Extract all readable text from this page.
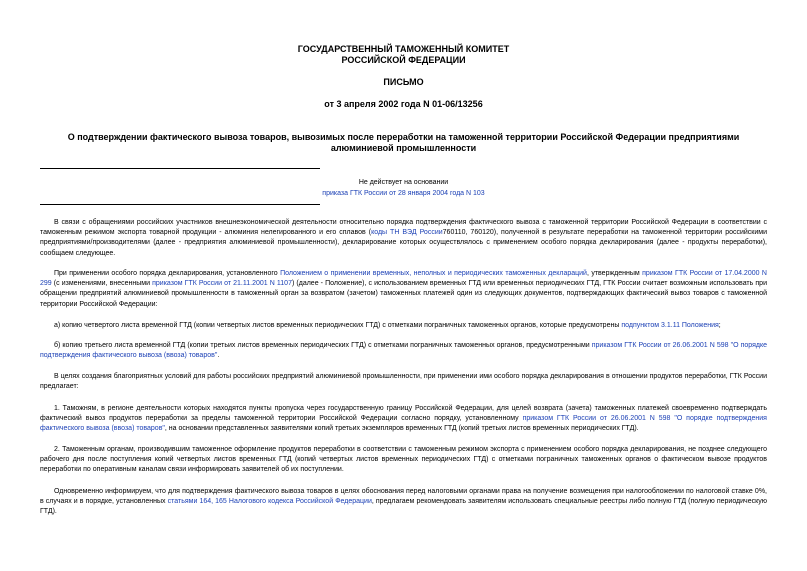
ГОСУДАРСТВЕННЫЙ ТАМОЖЕННЫЙ КОМИТЕТ
РОССИЙСКОЙ ФЕДЕРАЦИИ
ПИСЬМО
от 3 апреля 2002 года N 01-06/13256
О подтверждении фактического вывоза товаров, вывозимых после переработки на таможенной территории Российской Федерации предприятиями алюминиевой промышленности
Не действует на основании
приказа ГТК России от 28 января 2004 года N 103
В связи с обращениями российских участников внешнеэкономической деятельности относительно порядка подтверждения фактического вывоза с таможенной территории Российской Федерации в соответствии с таможенным режимом экспорта товарной продукции - алюминия нелегированного и его сплавов (коды ТН ВЭД России760110, 760120), полученной в результате переработки на таможенной территории российскими предприятиями/производителями (далее - предприятия алюминиевой промышленности), декларирование которых осуществлялось с применением особого порядка декларирования (далее - продукты переработки), сообщаем следующее.
При применении особого порядка декларирования, установленного Положением о применении временных, неполных и периодических таможенных деклараций, утвержденным приказом ГТК России от 17.04.2000 N 299 (с изменениями, внесенными приказом ГТК России от 21.11.2001 N 1107) (далее - Положение), с использованием временных ГТД или временных периодических ГТД, ГТК России считает возможным использовать при обращении предприятий алюминиевой промышленности в таможенный орган за возвратом (зачетом) таможенных платежей один из следующих документов, подтверждающих фактический вывоз товаров с таможенной территории Российской Федерации:
а) копию четвертого листа временной ГТД (копии четвертых листов временных периодических ГТД) с отметками пограничных таможенных органов, которые предусмотрены подпунктом 3.1.11 Положения;
б) копию третьего листа временной ГТД (копии третьих листов временных периодических ГТД) с отметками пограничных таможенных органов, предусмотренными приказом ГТК России от 26.06.2001 N 598 "О порядке подтверждения фактического вывоза (ввоза) товаров".
В целях создания благоприятных условий для работы российских предприятий алюминиевой промышленности, при применении ими особого порядка декларирования в отношении продуктов переработки, ГТК России предлагает:
1. Таможням, в регионе деятельности которых находятся пункты пропуска через государственную границу Российской Федерации, для целей возврата (зачета) таможенных платежей своевременно подтверждать фактический вывоз продуктов переработки за пределы таможенной территории Российской Федерации согласно порядку, установленному приказом ГТК России от 26.06.2001 N 598 "О порядке подтверждения фактического вывоза (ввоза) товаров", на основании представленных заявителями копий третьих экземпляров временных ГТД (копий третьих листов временных периодических ГТД).
2. Таможенным органам, производившим таможенное оформление продуктов переработки в соответствии с таможенным режимом экспорта с применением особого порядка декларирования, не позднее следующего рабочего дня после поступления копий четвертых листов временных ГТД (копий четвертых листов временных периодических ГТД) с отметками пограничных таможенных органов о фактическом вывозе продуктов переработки по оперативным каналам связи информировать заявителей об их поступлении.
Одновременно информируем, что для подтверждения фактического вывоза товаров в целях обоснования перед налоговыми органами права на получение возмещения при налогообложении по налоговой ставке 0%, в случаях и в порядке, установленных статьями 164, 165 Налогового кодекса Российской Федерации, предлагаем рекомендовать заявителям использовать специальные реестры либо полную ГТД (полную периодическую ГТД).
